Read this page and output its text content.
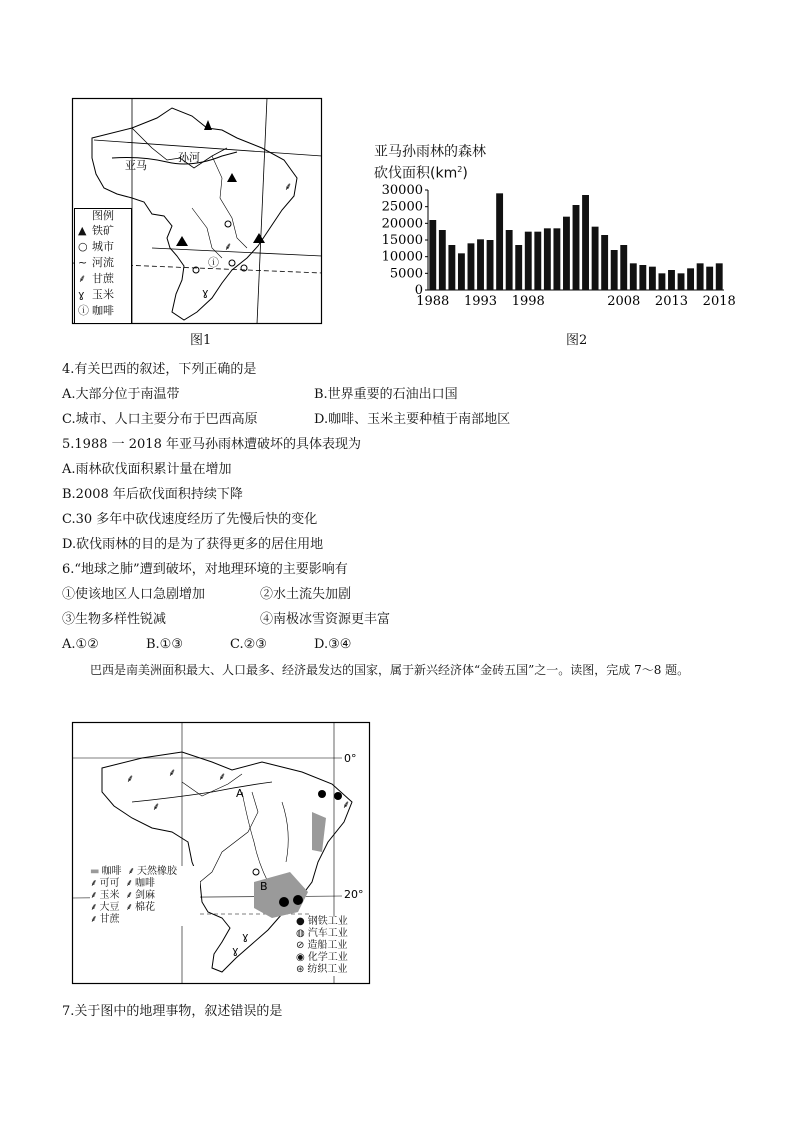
⸙
⸙
ⓘ
ɣ
亚马
孙河
图例
▲ 铁矿
○ 城市
~ 河流
⸙ 甘蔗
ɣ 玉米
ⓘ 咖啡
图1
亚马孙雨林的森林
砍伐面积$(km^2)$
0
5000
10000
15000
20000
25000
30000
1988 1993 1998	2008 2013 2018
图2
4.有关巴西的叙述，下列正确的是
A.大部分位于南温带	B.世界重要的石油出口国
C.城市、人口主要分布于巴西高原	D.咖啡、玉米主要种植于南部地区
5.1988 一 2018 年亚马孙雨林遭破坏的具体表现为
A.雨林砍伐面积累计量在增加
B.2008 年后砍伐面积持续下降
C.30 多年中砍伐速度经历了先慢后快的变化
D.砍伐雨林的目的是为了获得更多的居住用地
6.“地球之肺”遭到破坏，对地理环境的主要影响有
①使该地区人口急剧增加	②水土流失加剧
③生物多样性锐减	④南极冰雪资源更丰富
A.①②	B.①③	C.②③	D.③④
巴西是南美洲面积最大、人口最多、经济最发达的国家，属于新兴经济体“金砖五国”之一。读图，完成 7～8 题。
A
B
0°
20°
⸙	⸙
⸙
⸙
⸙
ɣ
ɣ
▬ 咖啡 ⸙ 天然橡胶
⸙ 可可 ⸙ 咖啡
⸙ 玉米 ⸙ 剑麻
⸙ 大豆 ⸙ 棉花
⸙ 甘蔗	● 钢铁工业
◍ 汽车工业
⊘ 造船工业
◉ 化学工业
⊛ 纺织工业
7.关于图中的地理事物，叙述错误的是
